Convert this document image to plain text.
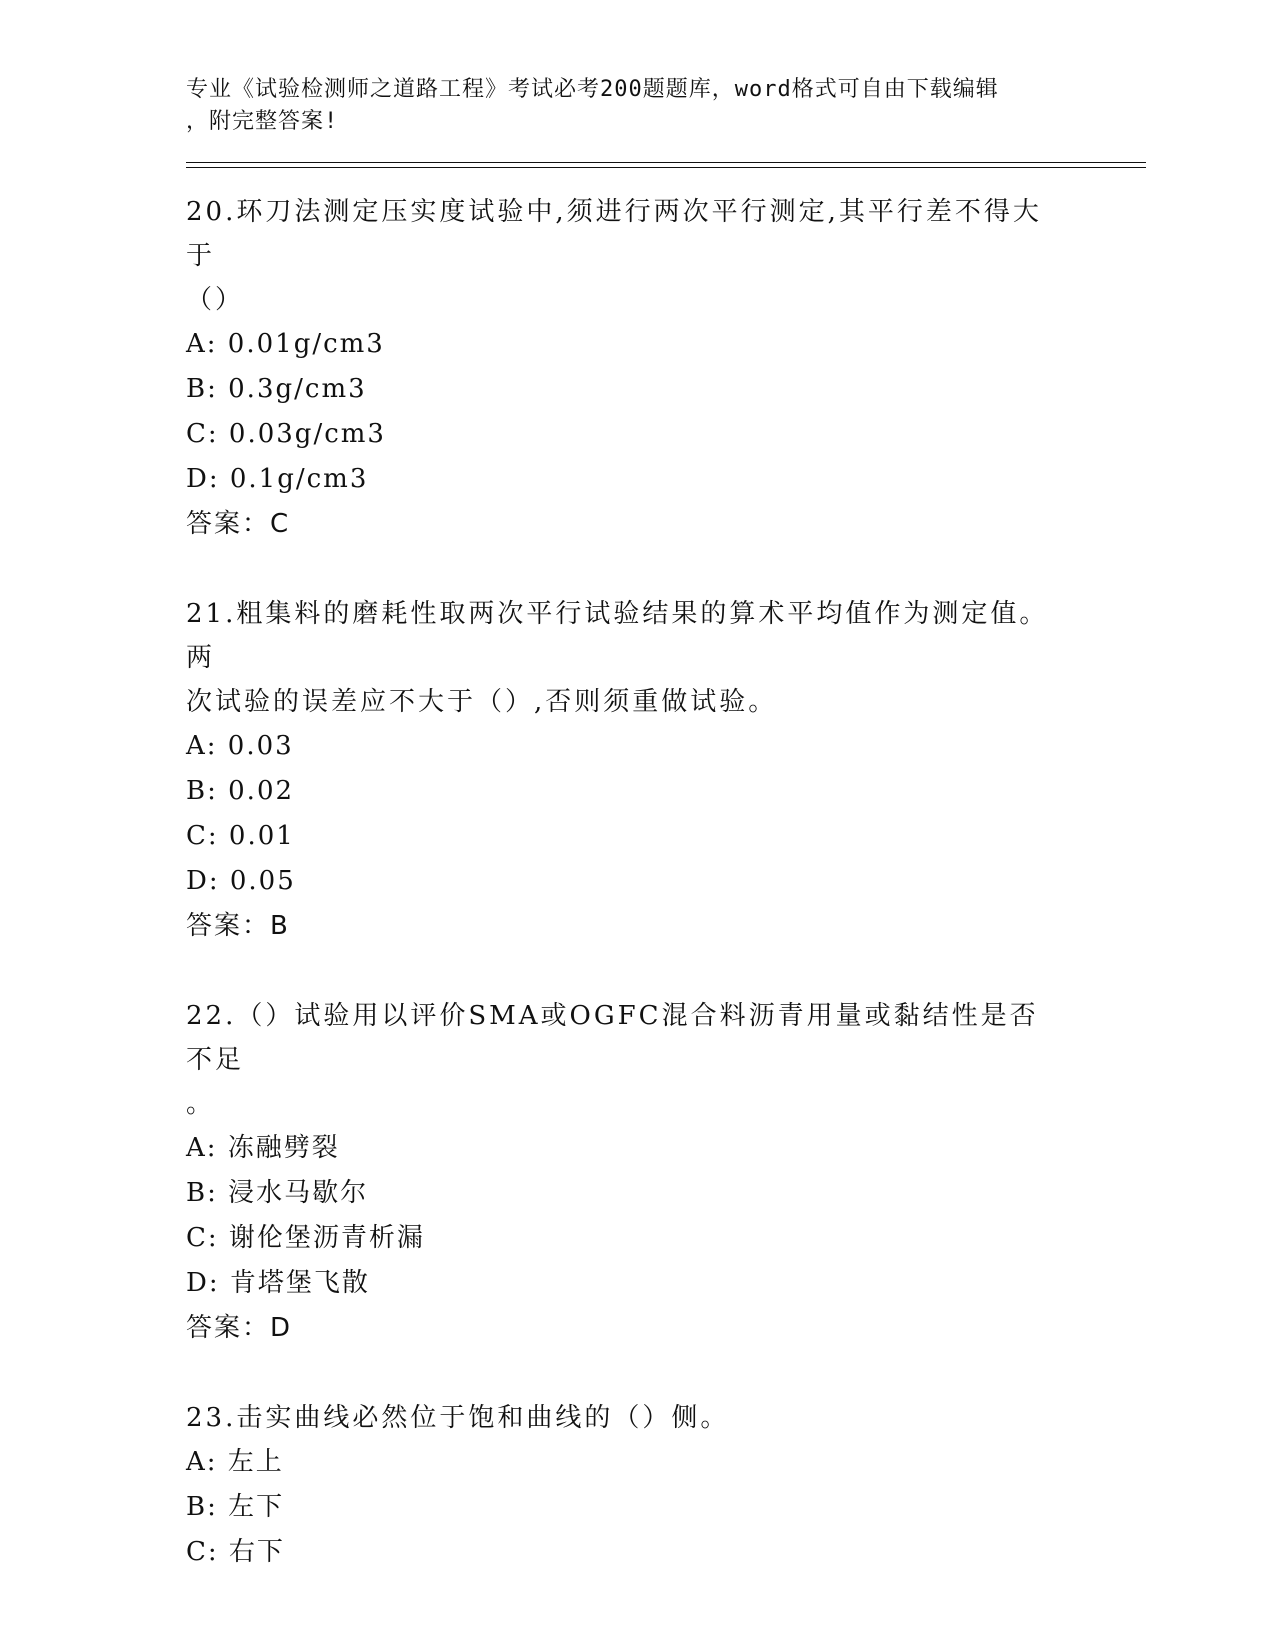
专业《试验检测师之道路工程》考试必考200题题库，word格式可自由下载编辑
，附完整答案!
20.环刀法测定压实度试验中,须进行两次平行测定,其平行差不得大于
（）
A: 0.01g/cm3
B: 0.3g/cm3
C: 0.03g/cm3
D: 0.1g/cm3
答案：C
21.粗集料的磨耗性取两次平行试验结果的算术平均值作为测定值。两
次试验的误差应不大于（）,否则须重做试验。
A: 0.03
B: 0.02
C: 0.01
D: 0.05
答案：B
22.（）试验用以评价SMA或OGFC混合料沥青用量或黏结性是否不足
。
A: 冻融劈裂
B: 浸水马歇尔
C: 谢伦堡沥青析漏
D: 肯塔堡飞散
答案：D
23.击实曲线必然位于饱和曲线的（）侧。
A: 左上
B: 左下
C: 右下
